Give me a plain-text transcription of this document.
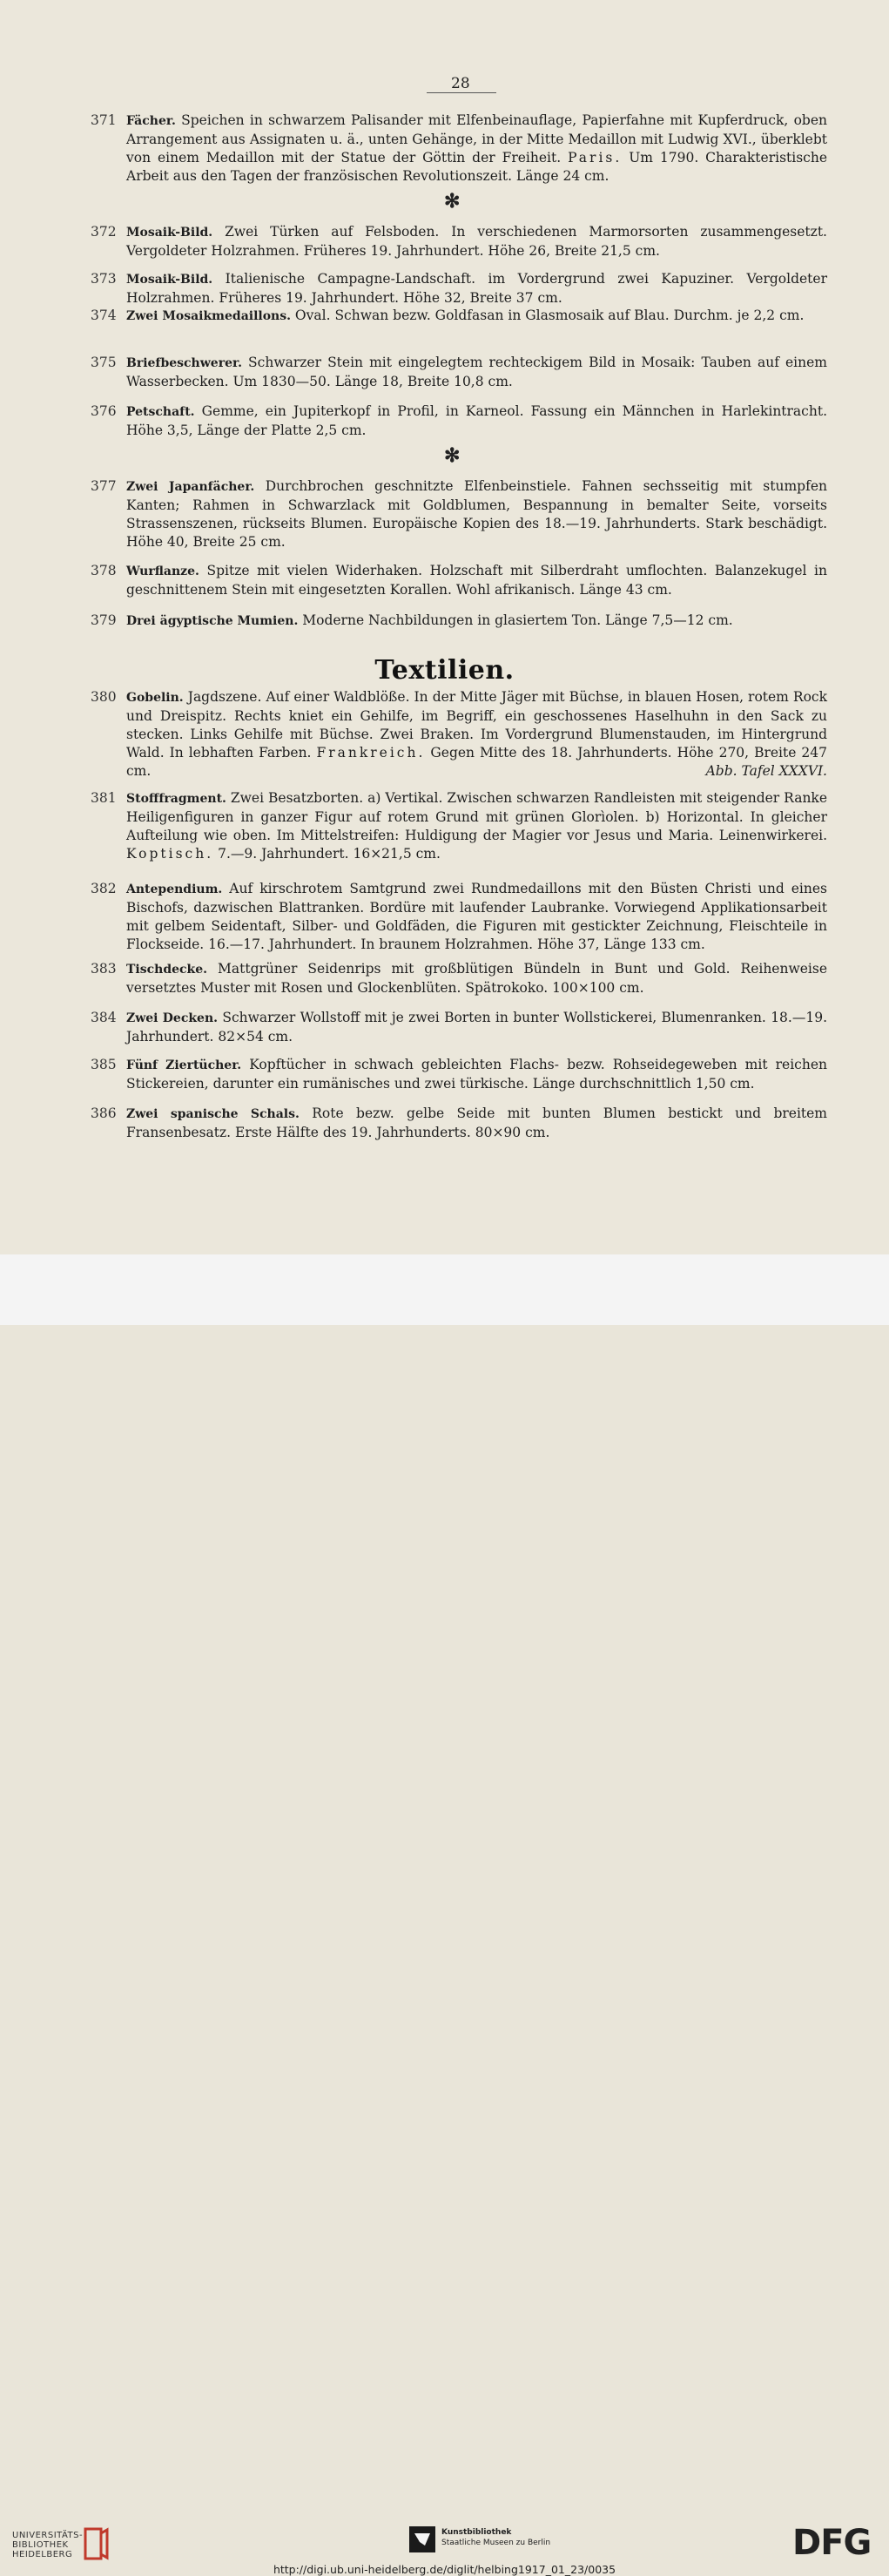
28
371 Fächer. Speichen in schwarzem Palisander mit Elfenbeinauflage, Papierfahne mit Kupferdruck, oben Arrangement aus Assignaten u. ä., unten Gehänge, in der Mitte Medaillon mit Ludwig XVI., überklebt von einem Medaillon mit der Statue der Göttin der Freiheit. Paris. Um 1790. Charakteristische Arbeit aus den Tagen der französischen Revolutionszeit. Länge 24 cm.
✻
372 Mosaik-Bild. Zwei Türken auf Felsboden. In verschiedenen Marmorsorten zusammengesetzt. Vergoldeter Holzrahmen. Früheres 19. Jahrhundert. Höhe 26, Breite 21,5 cm.
373 Mosaik-Bild. Italienische Campagne-Landschaft. im Vordergrund zwei Kapuziner. Vergoldeter Holzrahmen. Früheres 19. Jahrhundert. Höhe 32, Breite 37 cm.
374 Zwei Mosaikmedaillons. Oval. Schwan bezw. Goldfasan in Glasmosaik auf Blau. Durchm. je 2,2 cm.
375 Briefbeschwerer. Schwarzer Stein mit eingelegtem rechteckigem Bild in Mosaik: Tauben auf einem Wasserbecken. Um 1830—50. Länge 18, Breite 10,8 cm.
376 Petschaft. Gemme, ein Jupiterkopf in Profil, in Karneol. Fassung ein Männchen in Harlekintracht. Höhe 3,5, Länge der Platte 2,5 cm.
✻
377 Zwei Japanfächer. Durchbrochen geschnitzte Elfenbeinstiele. Fahnen sechsseitig mit stumpfen Kanten; Rahmen in Schwarzlack mit Goldblumen, Bespannung in bemalter Seite, vorseits Strassenszenen, rückseits Blumen. Europäische Kopien des 18.—19. Jahrhunderts. Stark beschädigt. Höhe 40, Breite 25 cm.
378 Wurflanze. Spitze mit vielen Widerhaken. Holzschaft mit Silberdraht umflochten. Balanzekugel in geschnittenem Stein mit eingesetzten Korallen. Wohl afrikanisch. Länge 43 cm.
379 Drei ägyptische Mumien. Moderne Nachbildungen in glasiertem Ton. Länge 7,5—12 cm.
Textilien.
380 Gobelin. Jagdszene. Auf einer Waldblöße. In der Mitte Jäger mit Büchse, in blauen Hosen, rotem Rock und Dreispitz. Rechts kniet ein Gehilfe, im Begriff, ein geschossenes Haselhuhn in den Sack zu stecken. Links Gehilfe mit Büchse. Zwei Braken. Im Vordergrund Blumenstauden, im Hintergrund Wald. In lebhaften Farben. Frankreich. Gegen Mitte des 18. Jahrhunderts. Höhe 270, Breite 247 cm.	Abb. Tafel XXXVI.
381 Stofffragment. Zwei Besatzborten. a) Vertikal. Zwischen schwarzen Randleisten mit steigender Ranke Heiligenfiguren in ganzer Figur auf rotem Grund mit grünen Glorìolen. b) Horizontal. In gleicher Aufteilung wie oben. Im Mittelstreifen: Huldigung der Magier vor Jesus und Maria. Leinenwirkerei. Koptisch. 7.—9. Jahrhundert. 16×21,5 cm.
382 Antependium. Auf kirschrotem Samtgrund zwei Rundmedaillons mit den Büsten Christi und eines Bischofs, dazwischen Blattranken. Bordüre mit laufender Laubranke. Vorwiegend Applikationsarbeit mit gelbem Seidentaft, Silber- und Goldfäden, die Figuren mit gestickter Zeichnung, Fleischteile in Flockseide. 16.—17. Jahrhundert. In braunem Holzrahmen. Höhe 37, Länge 133 cm.
383 Tischdecke. Mattgrüner Seidenrips mit großblütigen Bündeln in Bunt und Gold. Reihenweise versetztes Muster mit Rosen und Glockenblüten. Spätrokoko. 100×100 cm.
384 Zwei Decken. Schwarzer Wollstoff mit je zwei Borten in bunter Wollstickerei, Blumenranken. 18.—19. Jahrhundert. 82×54 cm.
385 Fünf Ziertücher. Kopftücher in schwach gebleichten Flachs- bezw. Rohseidegeweben mit reichen Stickereien, darunter ein rumänisches und zwei türkische. Länge durchschnittlich 1,50 cm.
386 Zwei spanische Schals. Rote bezw. gelbe Seide mit bunten Blumen bestickt und breitem Fransenbesatz. Erste Hälfte des 19. Jahrhunderts. 80×90 cm.
UNIVERSITÄTS-
BIBLIOTHEK
HEIDELBERG
Kunstbibliothek
Staatliche Museen zu Berlin	DFG
http://digi.ub.uni-heidelberg.de/diglit/helbing1917_01_23/0035
